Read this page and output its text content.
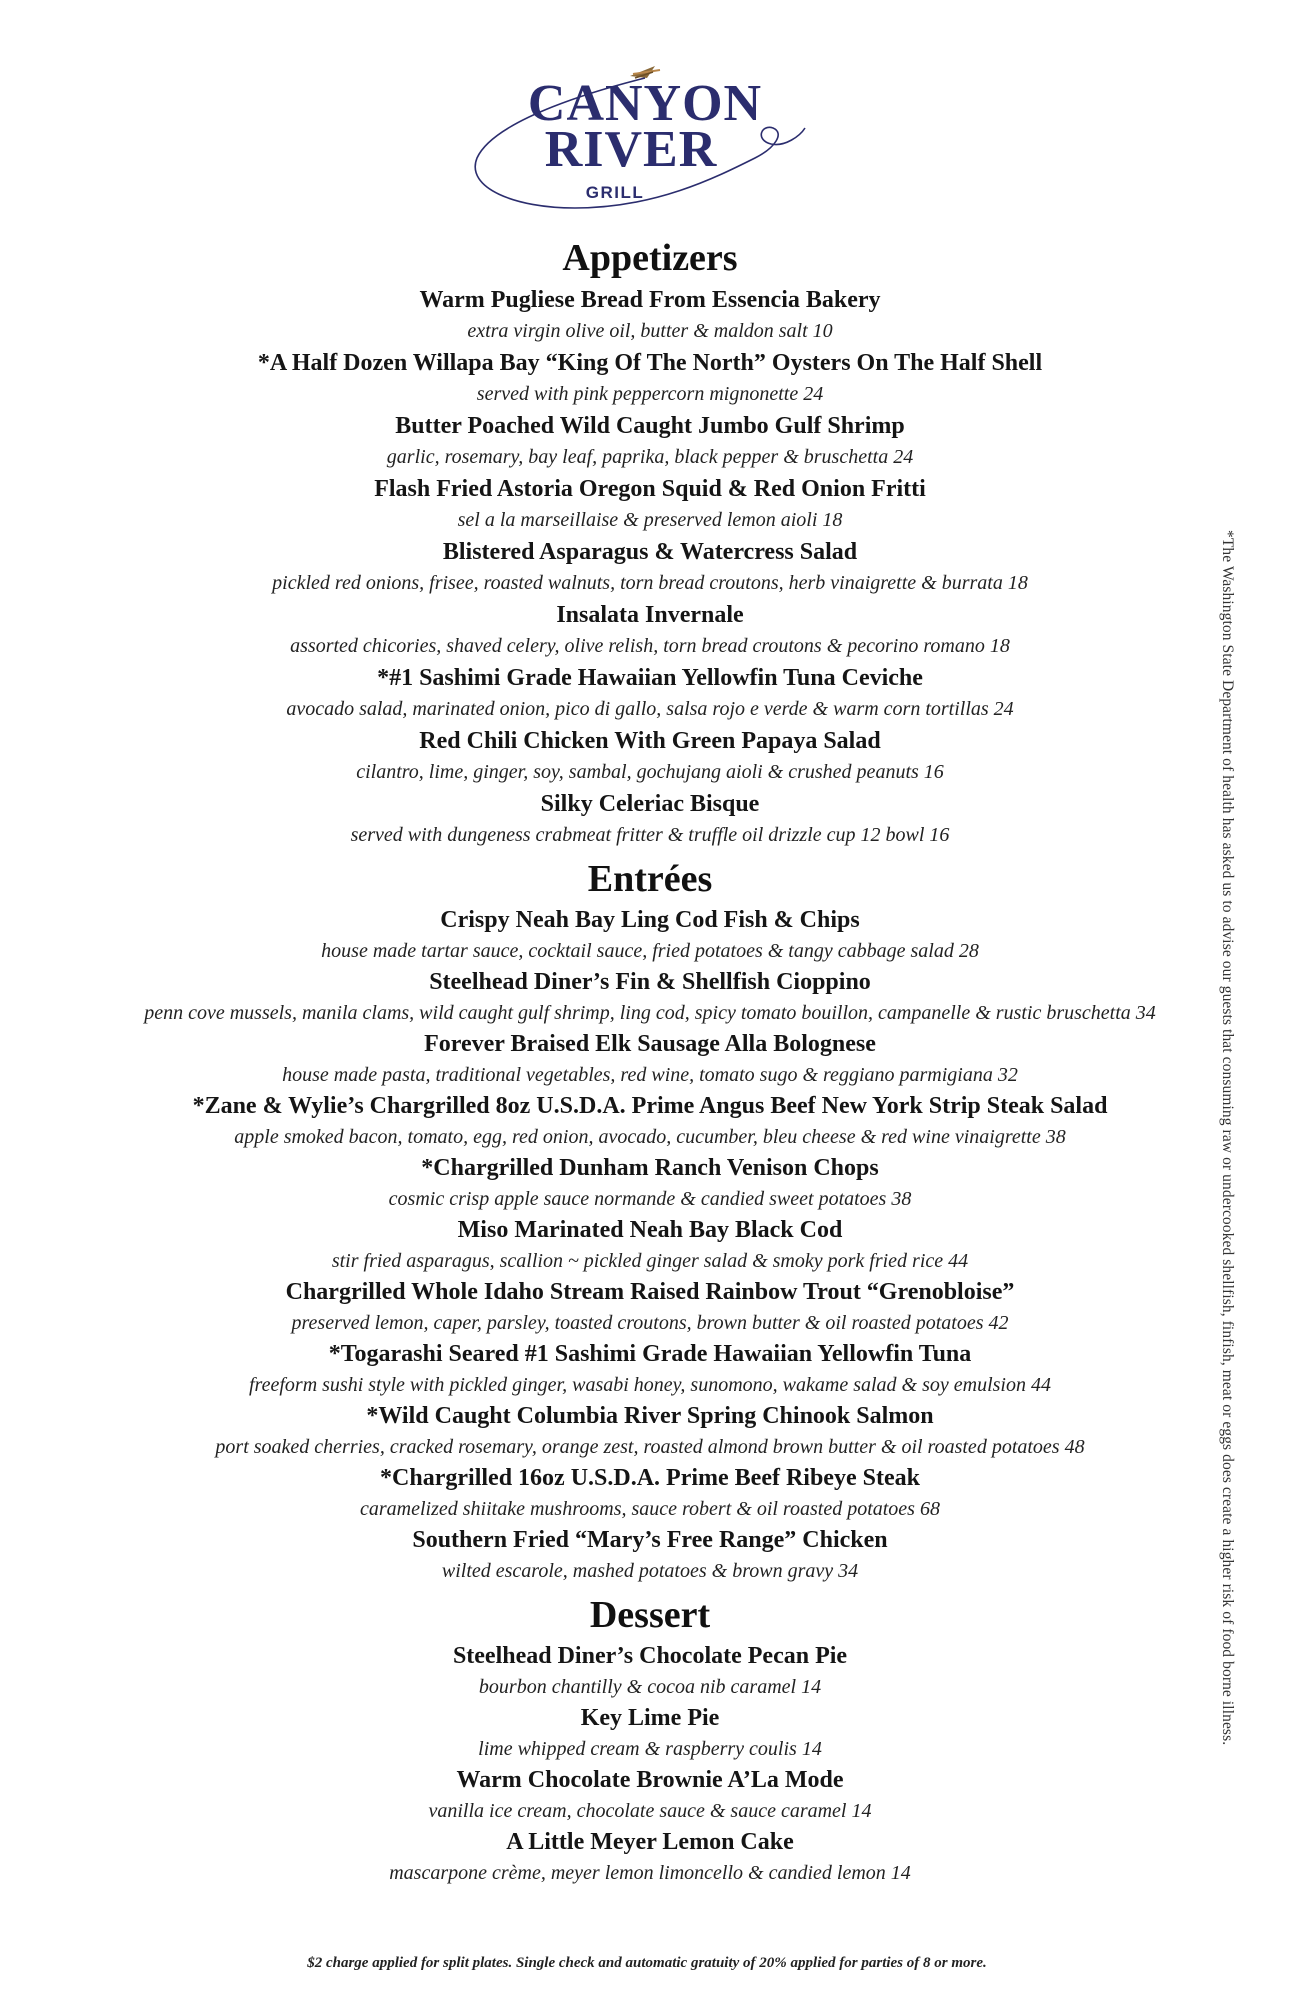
CANYON
RIVER
GRILL
Appetizers
Warm Pugliese Bread From Essencia Bakery
extra virgin olive oil, butter & maldon salt 10
*A Half Dozen Willapa Bay “King Of The North” Oysters On The Half Shell
served with pink peppercorn mignonette 24
Butter Poached Wild Caught Jumbo Gulf Shrimp
garlic, rosemary, bay leaf, paprika, black pepper & bruschetta 24
Flash Fried Astoria Oregon Squid & Red Onion Fritti
sel a la marseillaise & preserved lemon aioli 18
Blistered Asparagus & Watercress Salad
pickled red onions, frisee, roasted walnuts, torn bread croutons, herb vinaigrette & burrata 18
Insalata Invernale
assorted chicories, shaved celery, olive relish, torn bread croutons & pecorino romano 18
*#1 Sashimi Grade Hawaiian Yellowfin Tuna Ceviche
avocado salad, marinated onion, pico di gallo, salsa rojo e verde & warm corn tortillas 24
Red Chili Chicken With Green Papaya Salad
cilantro, lime, ginger, soy, sambal, gochujang aioli & crushed peanuts 16
Silky Celeriac Bisque
served with dungeness crabmeat fritter & truffle oil drizzle cup 12 bowl 16
Entrées
Crispy Neah Bay Ling Cod Fish & Chips
house made tartar sauce, cocktail sauce, fried potatoes & tangy cabbage salad 28
Steelhead Diner’s Fin & Shellfish Cioppino
penn cove mussels, manila clams, wild caught gulf shrimp, ling cod, spicy tomato bouillon, campanelle & rustic bruschetta 34
Forever Braised Elk Sausage Alla Bolognese
house made pasta, traditional vegetables, red wine, tomato sugo & reggiano parmigiana 32
*Zane & Wylie’s Chargrilled 8oz U.S.D.A. Prime Angus Beef New York Strip Steak Salad
apple smoked bacon, tomato, egg, red onion, avocado, cucumber, bleu cheese & red wine vinaigrette 38
*Chargrilled Dunham Ranch Venison Chops
cosmic crisp apple sauce normande & candied sweet potatoes 38
Miso Marinated Neah Bay Black Cod
stir fried asparagus, scallion ~ pickled ginger salad & smoky pork fried rice 44
Chargrilled Whole Idaho Stream Raised Rainbow Trout “Grenobloise”
preserved lemon, caper, parsley, toasted croutons, brown butter & oil roasted potatoes 42
*Togarashi Seared #1 Sashimi Grade Hawaiian Yellowfin Tuna
freeform sushi style with pickled ginger, wasabi honey, sunomono, wakame salad & soy emulsion 44
*Wild Caught Columbia River Spring Chinook Salmon
port soaked cherries, cracked rosemary, orange zest, roasted almond brown butter & oil roasted potatoes 48
*Chargrilled 16oz U.S.D.A. Prime Beef Ribeye Steak
caramelized shiitake mushrooms, sauce robert & oil roasted potatoes 68
Southern Fried “Mary’s Free Range” Chicken
wilted escarole, mashed potatoes & brown gravy 34
Dessert
Steelhead Diner’s Chocolate Pecan Pie
bourbon chantilly & cocoa nib caramel 14
Key Lime Pie
lime whipped cream & raspberry coulis 14
Warm Chocolate Brownie A’La Mode
vanilla ice cream, chocolate sauce & sauce caramel 14
A Little Meyer Lemon Cake
mascarpone crème, meyer lemon limoncello & candied lemon 14
*The Washington State Department of health has asked us to advise our guests that consuming raw or undercooked shellfish, finfish, meat or eggs does create a higher risk of food borne illness.
$2 charge applied for split plates. Single check and automatic gratuity of 20% applied for parties of 8 or more.
